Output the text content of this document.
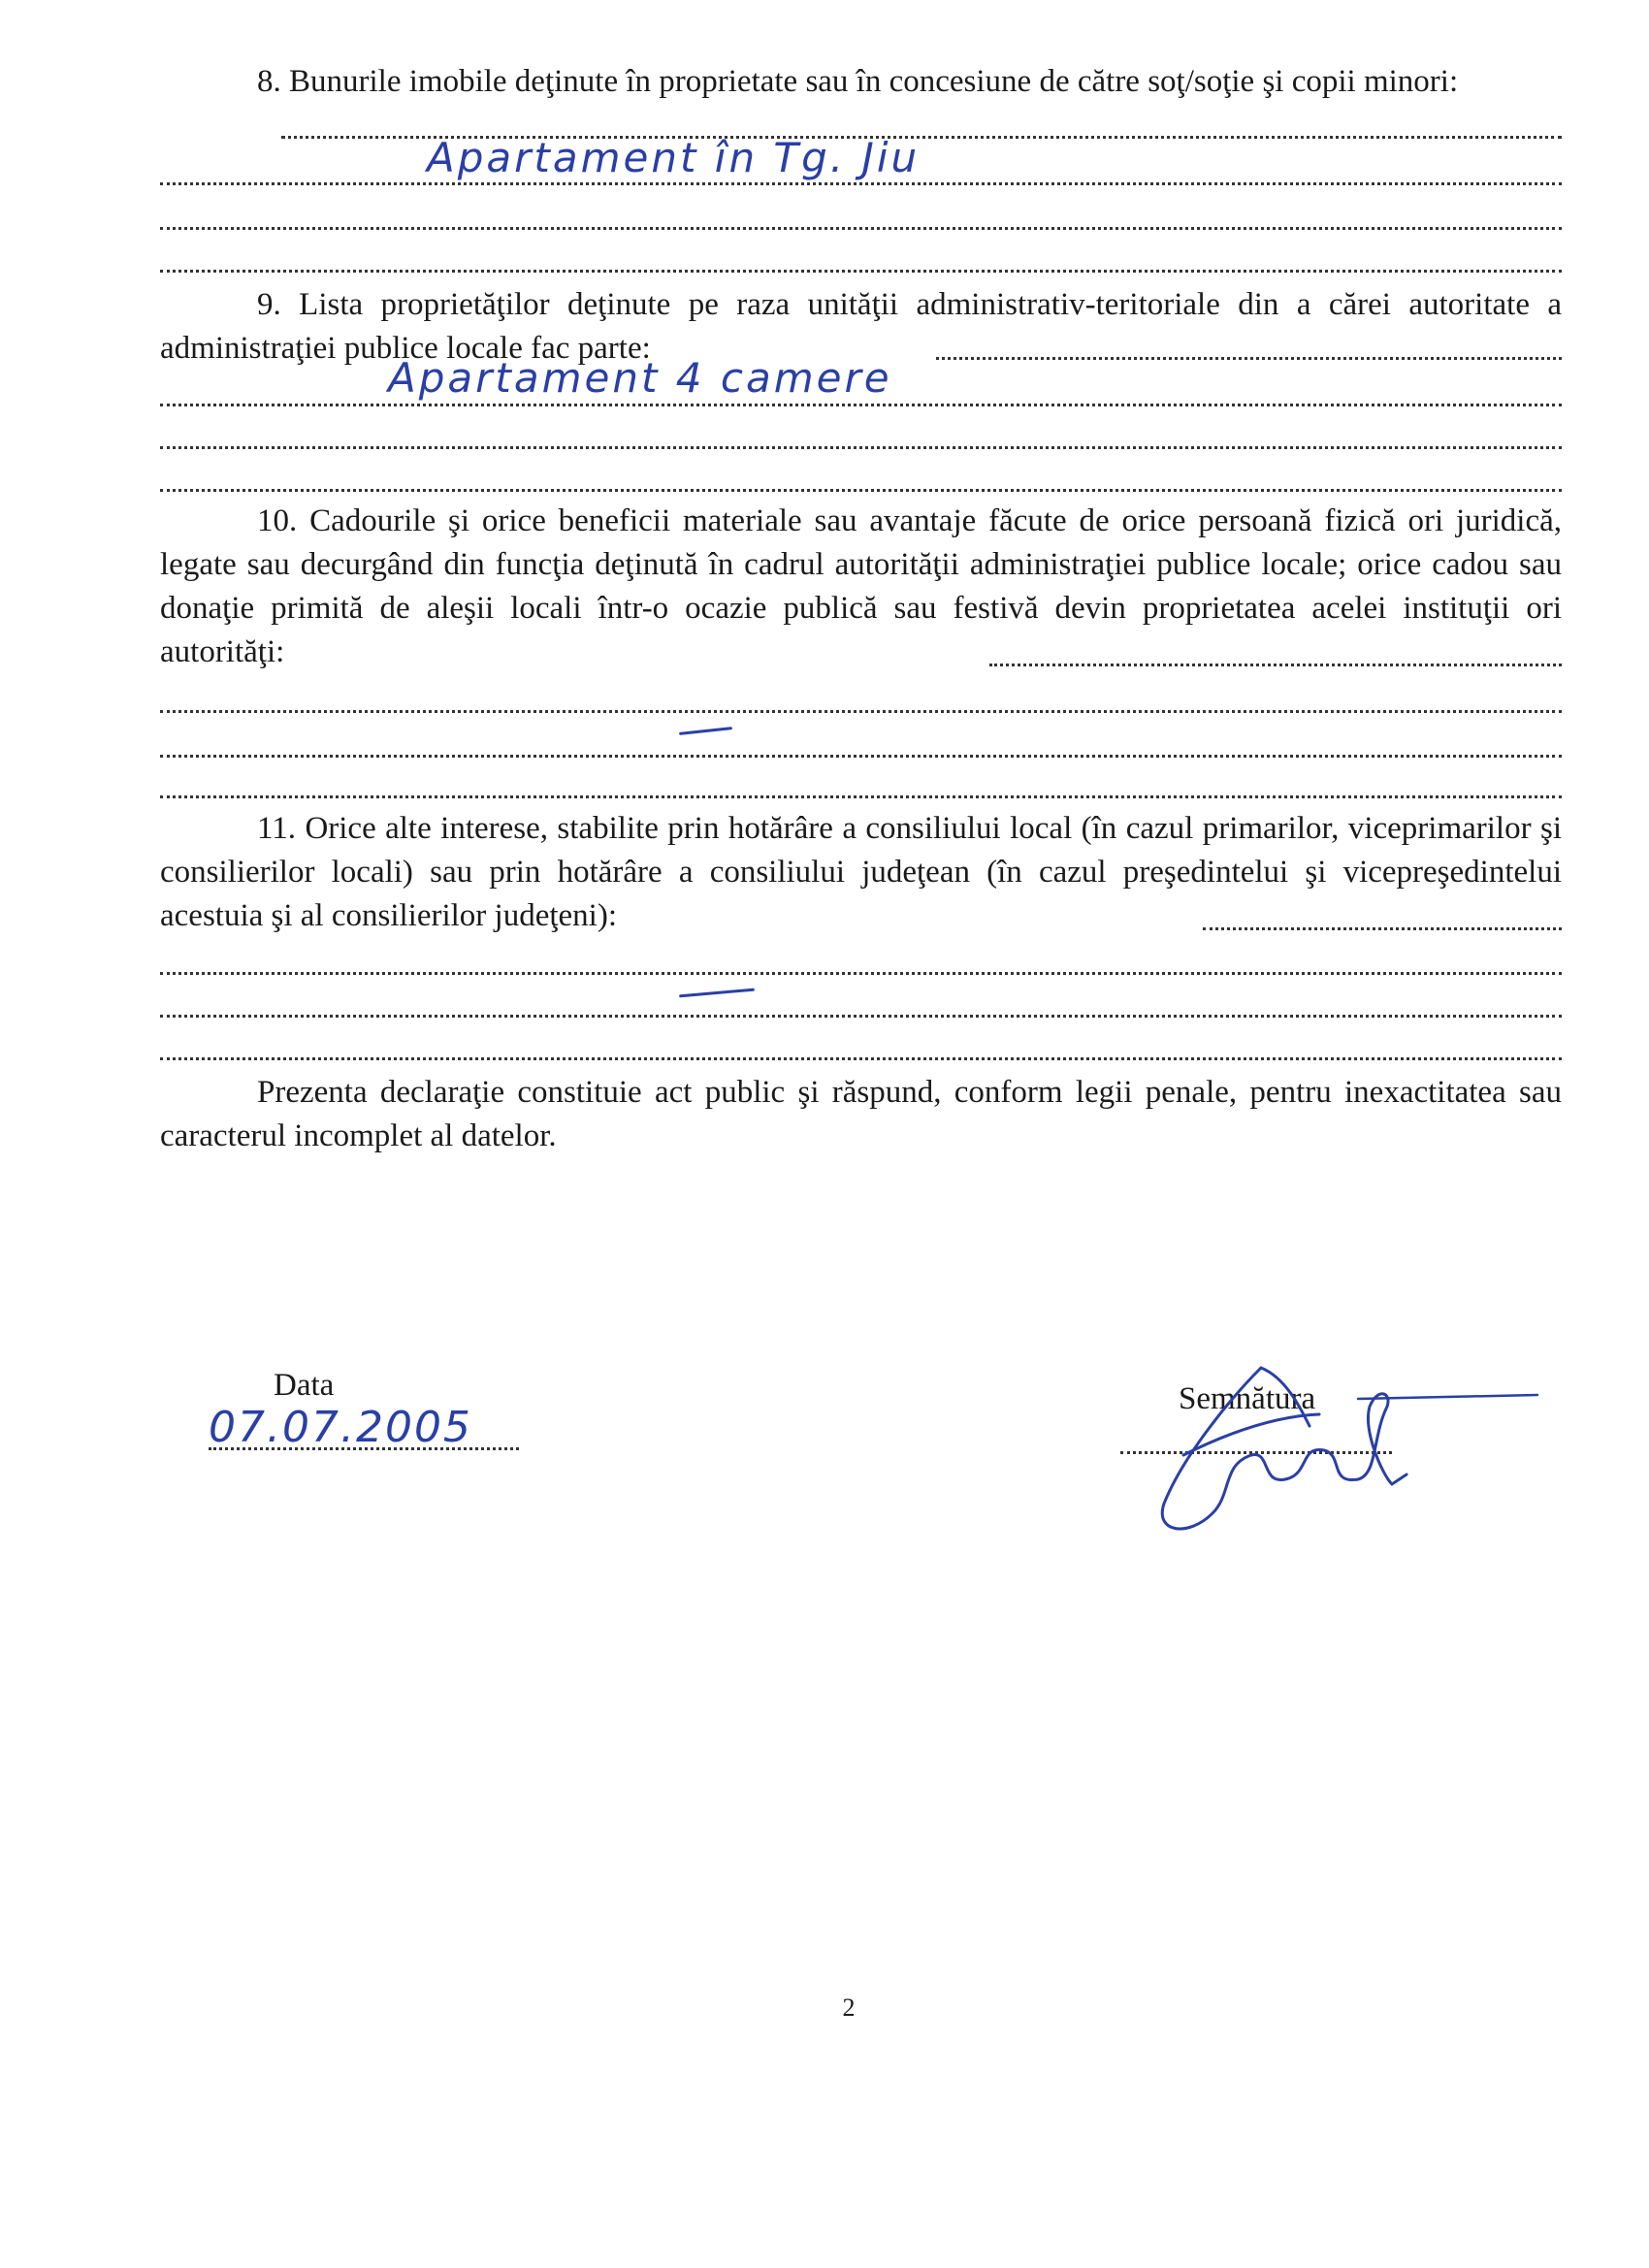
8. Bunurile imobile deţinute în proprietate sau în concesiune de către soţ/soţie şi copii minori:

Apartament în Tg. Jiu

9. Lista proprietăţilor deţinute pe raza unităţii administrativ-teritoriale din a cărei autoritate a administraţiei publice locale fac parte:

Apartament 4 camere

10. Cadourile şi orice beneficii materiale sau avantaje făcute de orice persoană fizică ori juridică, legate sau decurgând din funcţia deţinută în cadrul autorităţii administraţiei publice locale; orice cadou sau donaţie primită de aleşii locali într-o ocazie publică sau festivă devin proprietatea acelei instituţii ori autorităţi:

11. Orice alte interese, stabilite prin hotărâre a consiliului local (în cazul primarilor, viceprimarilor şi consilierilor locali) sau prin hotărâre a consiliului judeţean (în cazul preşedintelui şi vicepreşedintelui acestuia şi al consilierilor judeţeni):

Prezenta declaraţie constituie act public şi răspund, conform legii penale, pentru inexactitatea sau caracterul incomplet al datelor.

Data
07.07.2005
Semnătura
2
